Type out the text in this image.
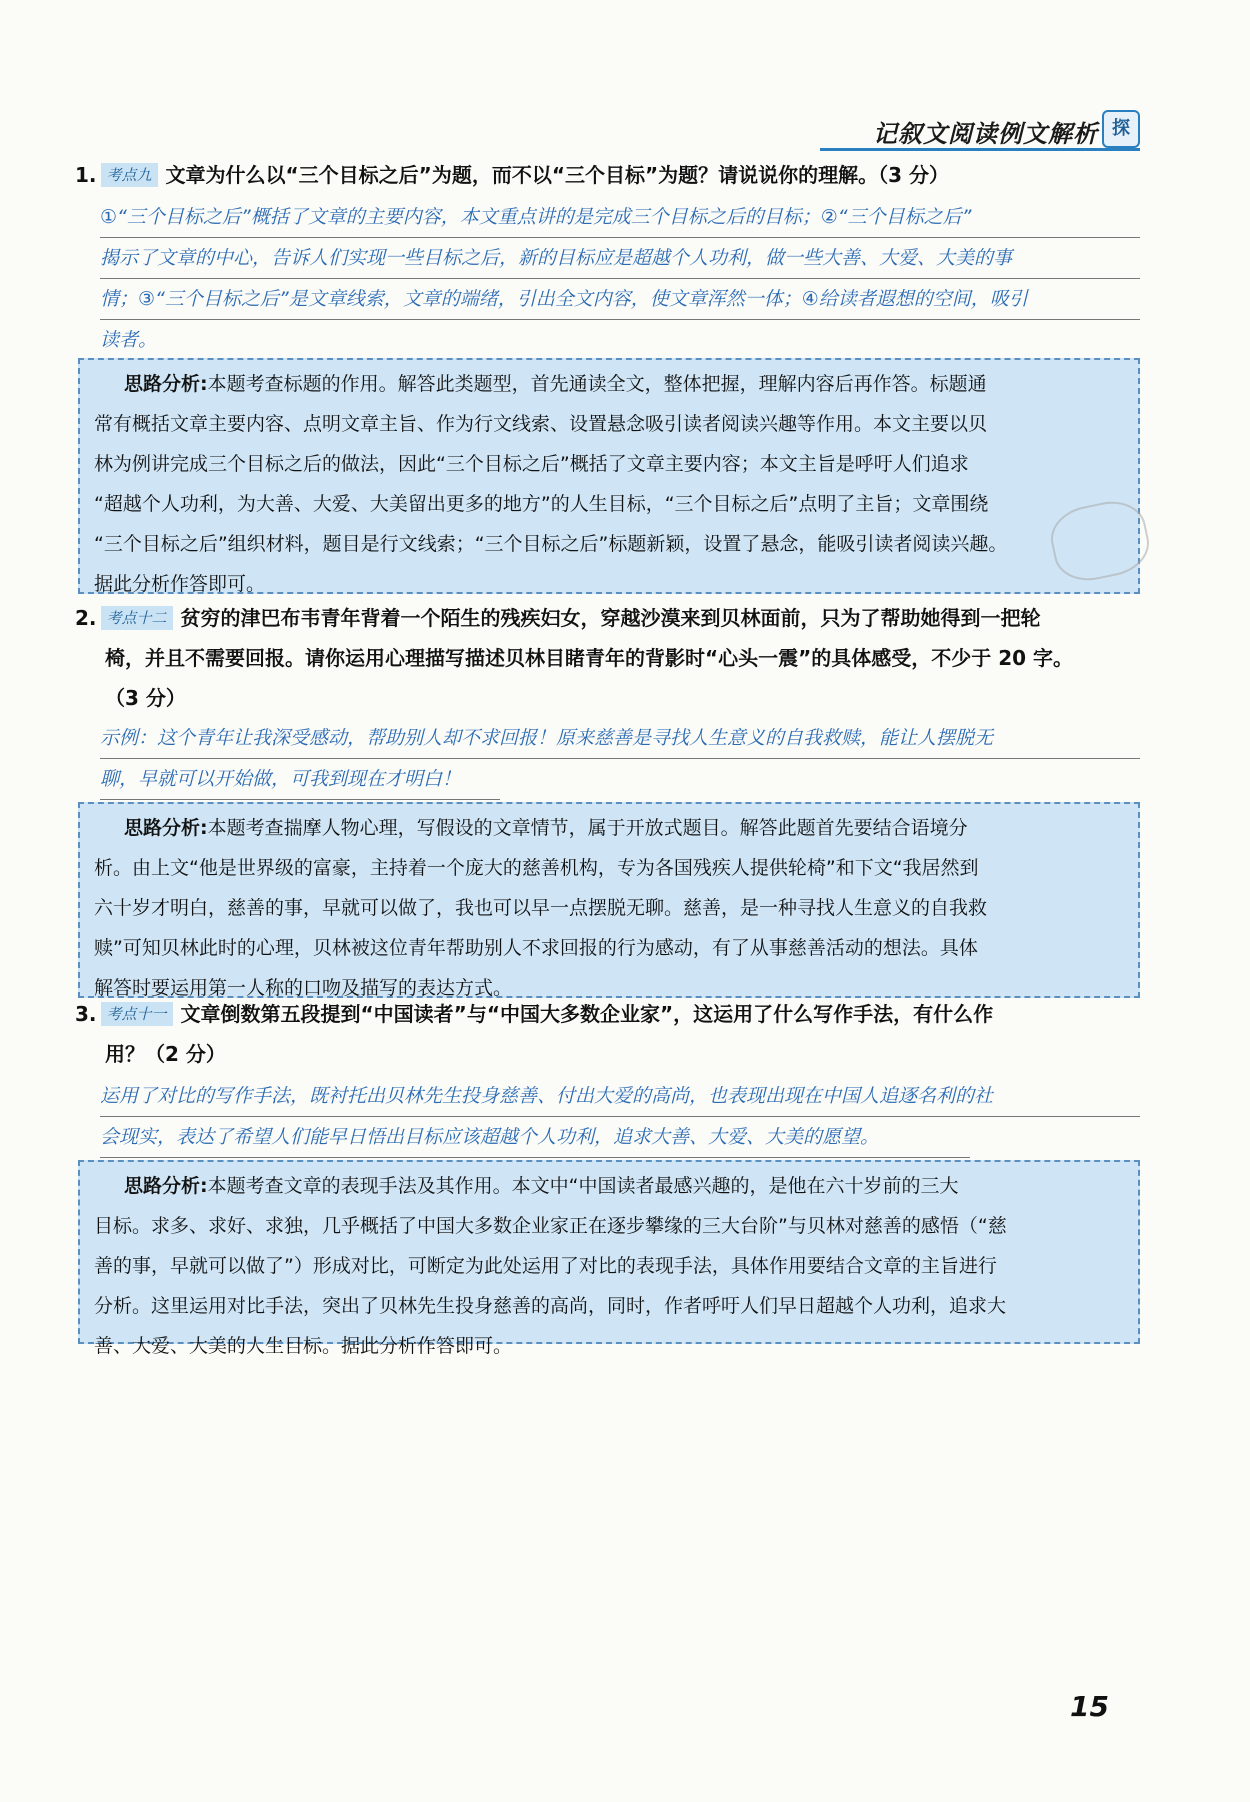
记叙文阅读例文解析 探
1. 考点九 文章为什么以“三个目标之后”为题，而不以“三个目标”为题？请说说你的理解。（3 分）
①“三个目标之后”概括了文章的主要内容，本文重点讲的是完成三个目标之后的目标；②“三个目标之后”
揭示了文章的中心，告诉人们实现一些目标之后，新的目标应是超越个人功利，做一些大善、大爱、大美的事
情；③“三个目标之后”是文章线索，文章的端绪，引出全文内容，使文章浑然一体；④给读者遐想的空间，吸引
读者。
思路分析:本题考查标题的作用。解答此类题型，首先通读全文，整体把握，理解内容后再作答。标题通
常有概括文章主要内容、点明文章主旨、作为行文线索、设置悬念吸引读者阅读兴趣等作用。本文主要以贝
林为例讲完成三个目标之后的做法，因此“三个目标之后”概括了文章主要内容；本文主旨是呼吁人们追求
“超越个人功利，为大善、大爱、大美留出更多的地方”的人生目标，“三个目标之后”点明了主旨；文章围绕
“三个目标之后”组织材料，题目是行文线索；“三个目标之后”标题新颖，设置了悬念，能吸引读者阅读兴趣。
据此分析作答即可。
2. 考点十二 贫穷的津巴布韦青年背着一个陌生的残疾妇女，穿越沙漠来到贝林面前，只为了帮助她得到一把轮
椅，并且不需要回报。请你运用心理描写描述贝林目睹青年的背影时“心头一震”的具体感受，不少于 20 字。
（3 分）
示例：这个青年让我深受感动，帮助别人却不求回报！原来慈善是寻找人生意义的自我救赎，能让人摆脱无
聊，早就可以开始做，可我到现在才明白！
思路分析:本题考查揣摩人物心理，写假设的文章情节，属于开放式题目。解答此题首先要结合语境分
析。由上文“他是世界级的富豪，主持着一个庞大的慈善机构，专为各国残疾人提供轮椅”和下文“我居然到
六十岁才明白，慈善的事，早就可以做了，我也可以早一点摆脱无聊。慈善，是一种寻找人生意义的自我救
赎”可知贝林此时的心理，贝林被这位青年帮助别人不求回报的行为感动，有了从事慈善活动的想法。具体
解答时要运用第一人称的口吻及描写的表达方式。
3. 考点十一 文章倒数第五段提到“中国读者”与“中国大多数企业家”，这运用了什么写作手法，有什么作
用？（2 分）
运用了对比的写作手法，既衬托出贝林先生投身慈善、付出大爱的高尚，也表现出现在中国人追逐名利的社
会现实，表达了希望人们能早日悟出目标应该超越个人功利，追求大善、大爱、大美的愿望。
思路分析:本题考查文章的表现手法及其作用。本文中“中国读者最感兴趣的，是他在六十岁前的三大
目标。求多、求好、求独，几乎概括了中国大多数企业家正在逐步攀缘的三大台阶”与贝林对慈善的感悟（“慈
善的事，早就可以做了”）形成对比，可断定为此处运用了对比的表现手法，具体作用要结合文章的主旨进行
分析。这里运用对比手法，突出了贝林先生投身慈善的高尚，同时，作者呼吁人们早日超越个人功利，追求大
善、大爱、大美的人生目标。据此分析作答即可。
15
